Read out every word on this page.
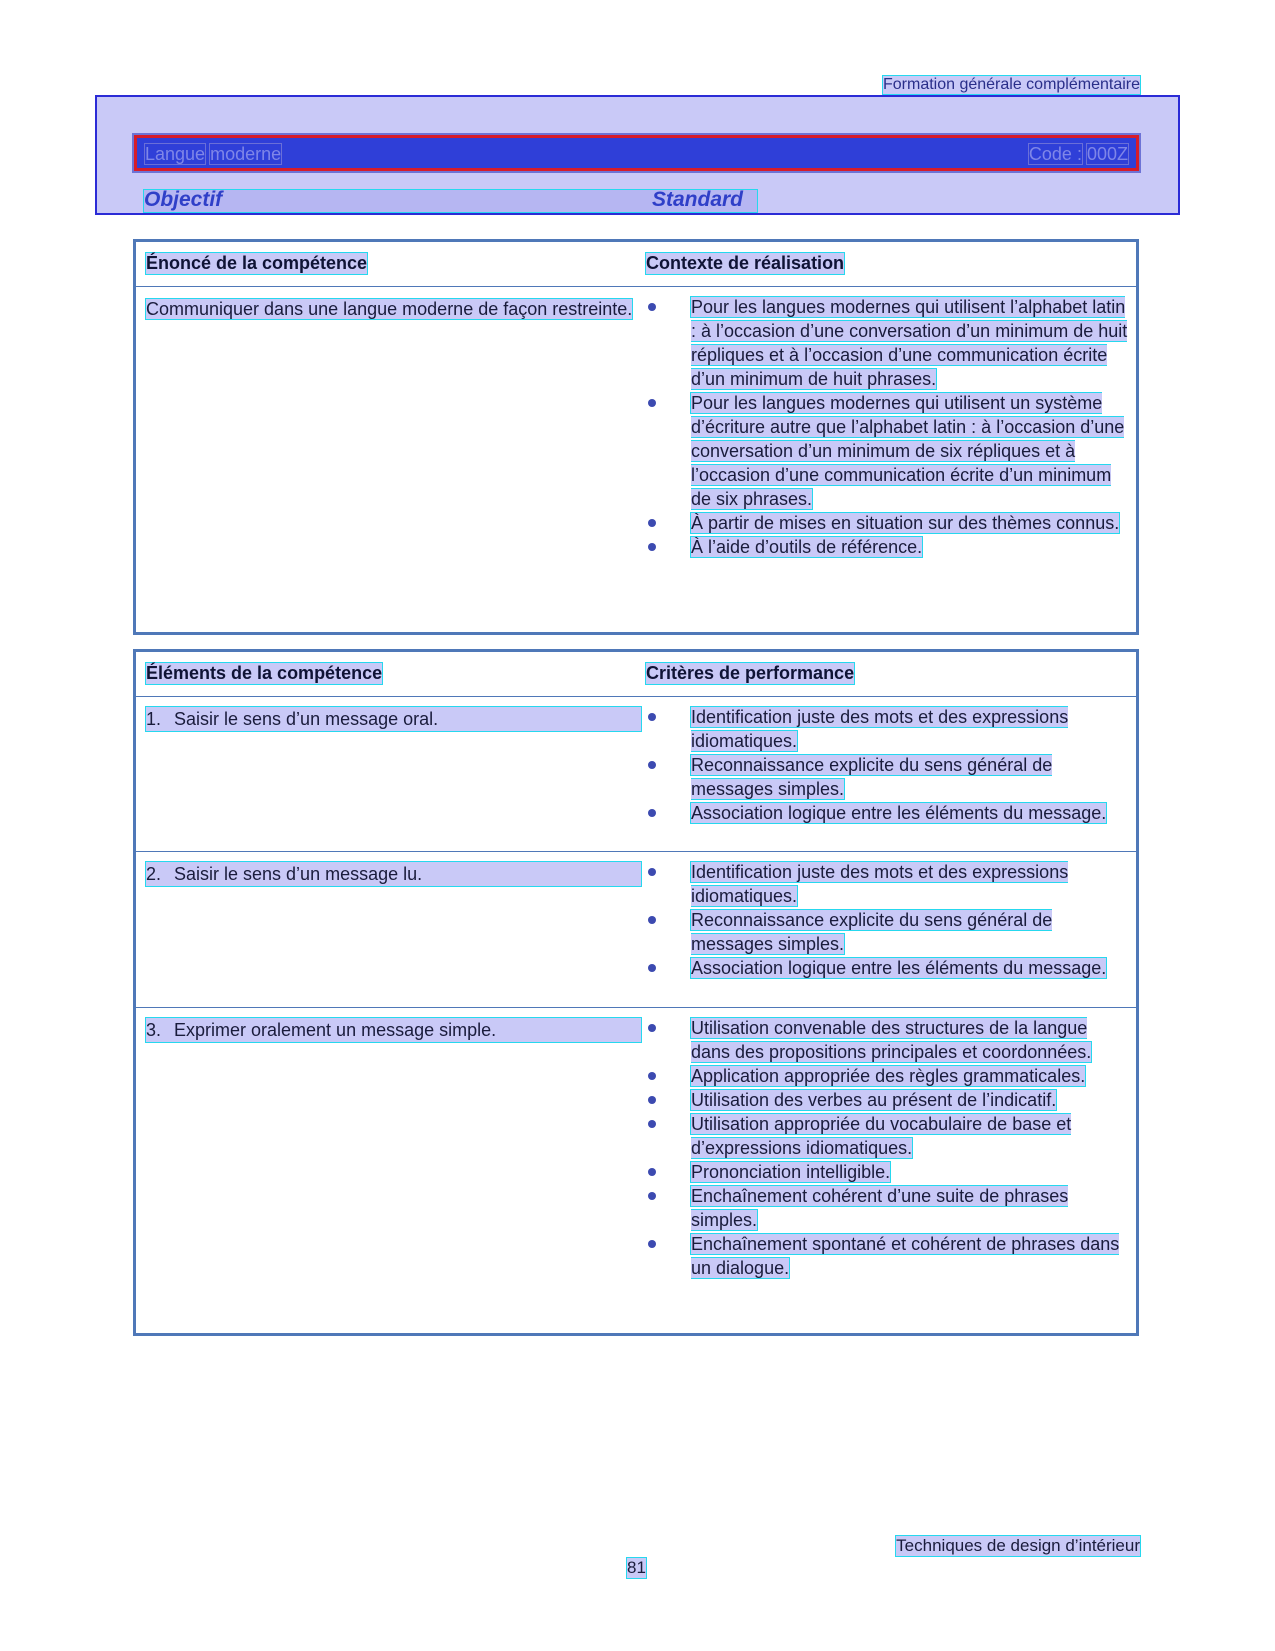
Formation générale complémentaire
Langue moderne	Code : 000Z
Objectif	Standard
Énoncé de la compétence	Contexte de réalisation
Communiquer dans une langue moderne de façon restreinte.	Pour les langues modernes qui utilisent l’alphabet latin : à l’occasion d’une conversation d’un minimum de huit répliques et à l’occasion d’une communication écrite d’un minimum de huit phrases.
Pour les langues modernes qui utilisent un système d’écriture autre que l’alphabet latin : à l’occasion d’une conversation d’un minimum de six répliques et à l’occasion d’une communication écrite d’un minimum de six phrases.
À partir de mises en situation sur des thèmes connus.
À l’aide d’outils de référence.
Éléments de la compétence	Critères de performance
1. Saisir le sens d’un message oral.	Identification juste des mots et des expressions idiomatiques.
Reconnaissance explicite du sens général de messages simples.
Association logique entre les éléments du message.
2. Saisir le sens d’un message lu.	Identification juste des mots et des expressions idiomatiques.
Reconnaissance explicite du sens général de messages simples.
Association logique entre les éléments du message.
3. Exprimer oralement un message simple.	Utilisation convenable des structures de la langue dans des propositions principales et coordonnées.
Application appropriée des règles grammaticales.
Utilisation des verbes au présent de l’indicatif.
Utilisation appropriée du vocabulaire de base et d’expressions idiomatiques.
Prononciation intelligible.
Enchaînement cohérent d’une suite de phrases simples.
Enchaînement spontané et cohérent de phrases dans un dialogue.
Techniques de design d’intérieur
81
